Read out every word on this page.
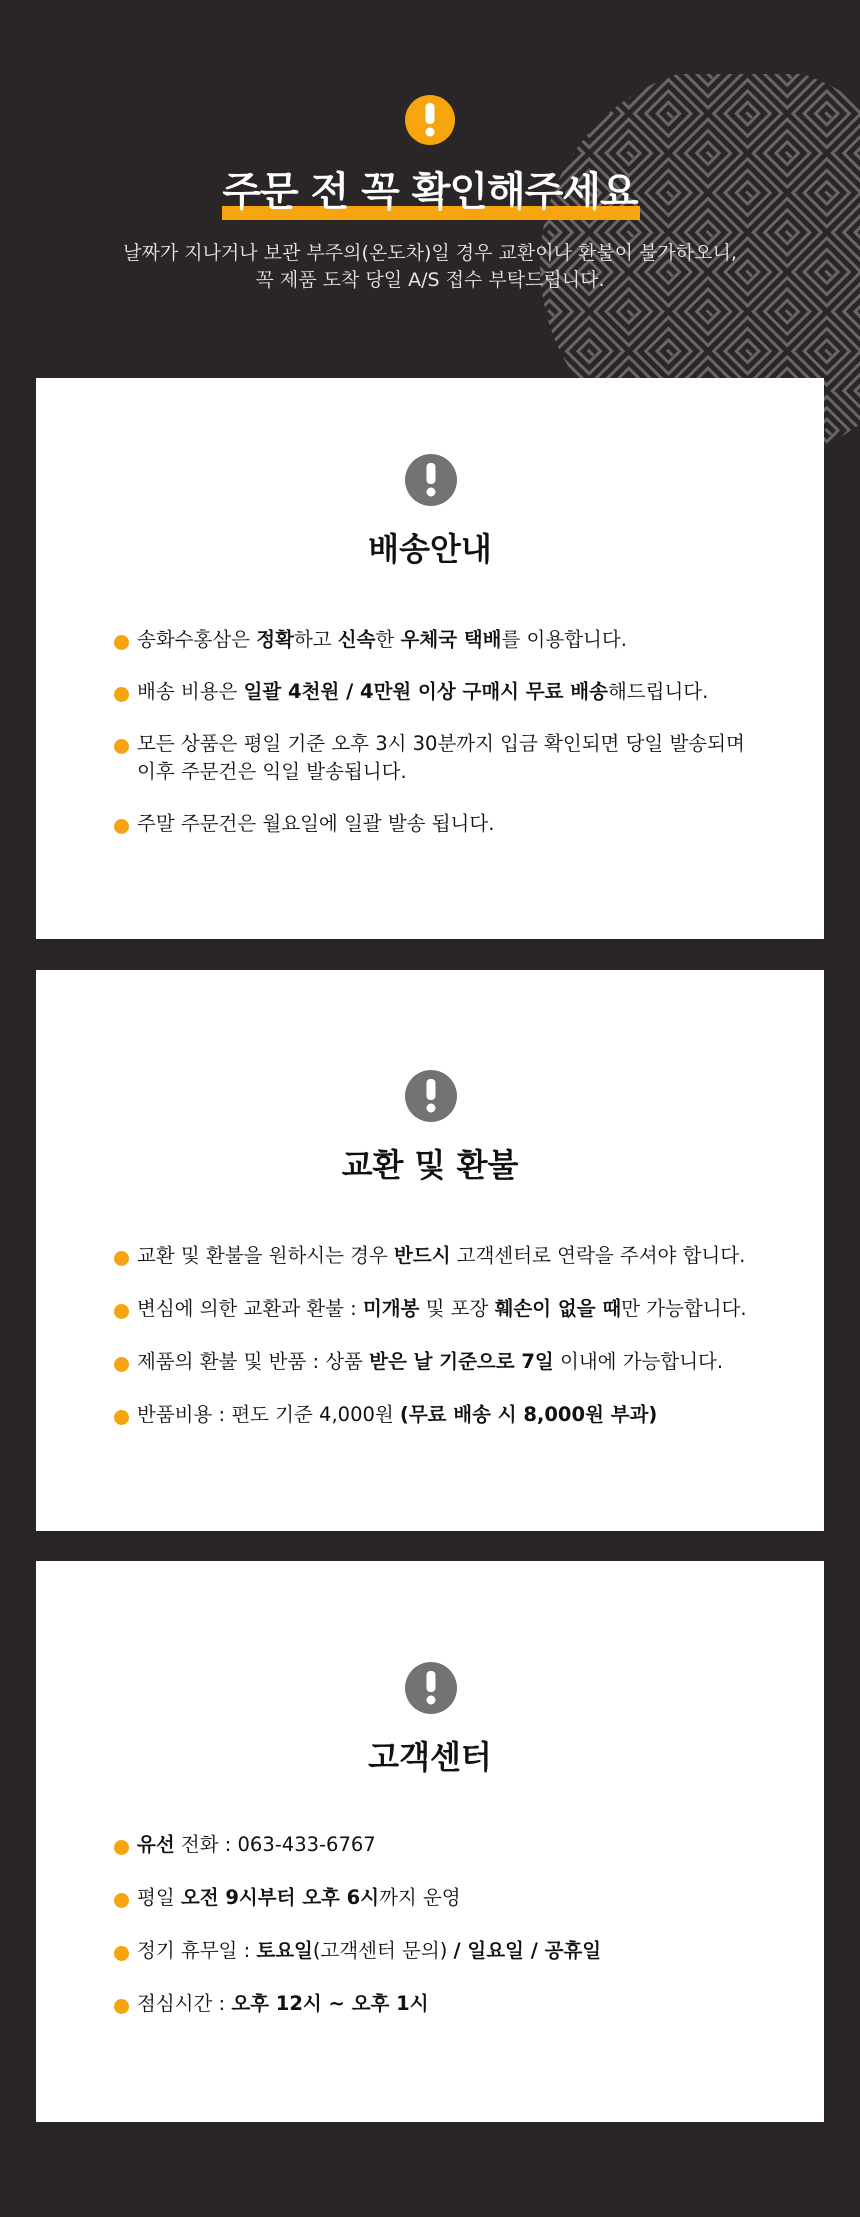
주문 전 꼭 확인해주세요

날짜가 지나거나 보관 부주의(온도차)일 경우 교환이나 환불이 불가하오니,
꼭 제품 도착 당일 A/S 접수 부탁드립니다.

배송안내
송화수홍삼은 정확하고 신속한 우체국 택배를 이용합니다.
배송 비용은 일괄 4천원 / 4만원 이상 구매시 무료 배송해드립니다.
모든 상품은 평일 기준 오후 3시 30분까지 입금 확인되면 당일 발송되며
이후 주문건은 익일 발송됩니다.
주말 주문건은 월요일에 일괄 발송 됩니다.
교환 및 환불
교환 및 환불을 원하시는 경우 반드시 고객센터로 연락을 주셔야 합니다.
변심에 의한 교환과 환불 : 미개봉 및 포장 훼손이 없을 때만 가능합니다.
제품의 환불 및 반품 : 상품 받은 날 기준으로 7일 이내에 가능합니다.
반품비용 : 편도 기준 4,000원 (무료 배송 시 8,000원 부과)
고객센터
유선 전화 : 063-433-6767
평일 오전 9시부터 오후 6시까지 운영
정기 휴무일 : 토요일(고객센터 문의) / 일요일 / 공휴일
점심시간 : 오후 12시 ~ 오후 1시
